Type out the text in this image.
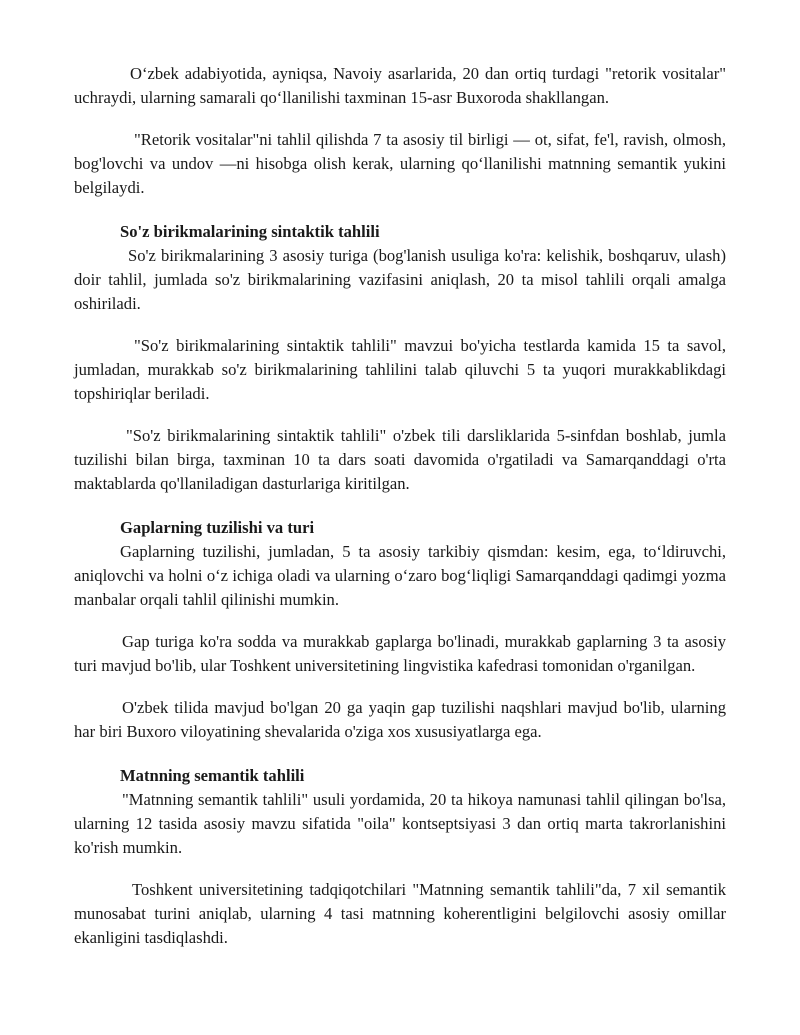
O‘zbek adabiyotida, ayniqsa, Navoiy asarlarida, 20 dan ortiq turdagi "retorik vositalar" uchraydi, ularning samarali qo‘llanilishi taxminan 15-asr Buxoroda shakllangan.

"Retorik vositalar"ni tahlil qilishda 7 ta asosiy til birligi — ot, sifat, fe'l, ravish, olmosh, bog'lovchi va undov —ni hisobga olish kerak, ularning qo‘llanilishi matnning semantik yukini belgilaydi.

So'z birikmalarining sintaktik tahlili

So'z birikmalarining 3 asosiy turiga (bog'lanish usuliga ko'ra: kelishik, boshqaruv, ulash) doir tahlil, jumlada so'z birikmalarining vazifasini aniqlash, 20 ta misol tahlili orqali amalga oshiriladi.

"So'z birikmalarining sintaktik tahlili" mavzui bo'yicha testlarda kamida 15 ta savol, jumladan, murakkab so'z birikmalarining tahlilini talab qiluvchi 5 ta yuqori murakkablikdagi topshiriqlar beriladi.

"So'z birikmalarining sintaktik tahlili" o'zbek tili darsliklarida 5-sinfdan boshlab, jumla tuzilishi bilan birga, taxminan 10 ta dars soati davomida o'rgatiladi va Samarqanddagi o'rta maktablarda qo'llaniladigan dasturlariga kiritilgan.

Gaplarning tuzilishi va turi

Gaplarning tuzilishi, jumladan, 5 ta asosiy tarkibiy qismdan: kesim, ega, to‘ldiruvchi, aniqlovchi va holni o‘z ichiga oladi va ularning o‘zaro bog‘liqligi Samarqanddagi qadimgi yozma manbalar orqali tahlil qilinishi mumkin.

Gap turiga ko'ra sodda va murakkab gaplarga bo'linadi, murakkab gaplarning 3 ta asosiy turi mavjud bo'lib, ular Toshkent universitetining lingvistika kafedrasi tomonidan o'rganilgan.

O'zbek tilida mavjud bo'lgan 20 ga yaqin gap tuzilishi naqshlari mavjud bo'lib, ularning har biri Buxoro viloyatining shevalarida o'ziga xos xususiyatlarga ega.

Matnning semantik tahlili

"Matnning semantik tahlili" usuli yordamida, 20 ta hikoya namunasi tahlil qilingan bo'lsa, ularning 12 tasida asosiy mavzu sifatida "oila" kontseptsiyasi 3 dan ortiq marta takrorlanishini ko'rish mumkin.

Toshkent universitetining tadqiqotchilari "Matnning semantik tahlili"da, 7 xil semantik munosabat turini aniqlab, ularning 4 tasi matnning koherentligini belgilovchi asosiy omillar ekanligini tasdiqlashdi.
